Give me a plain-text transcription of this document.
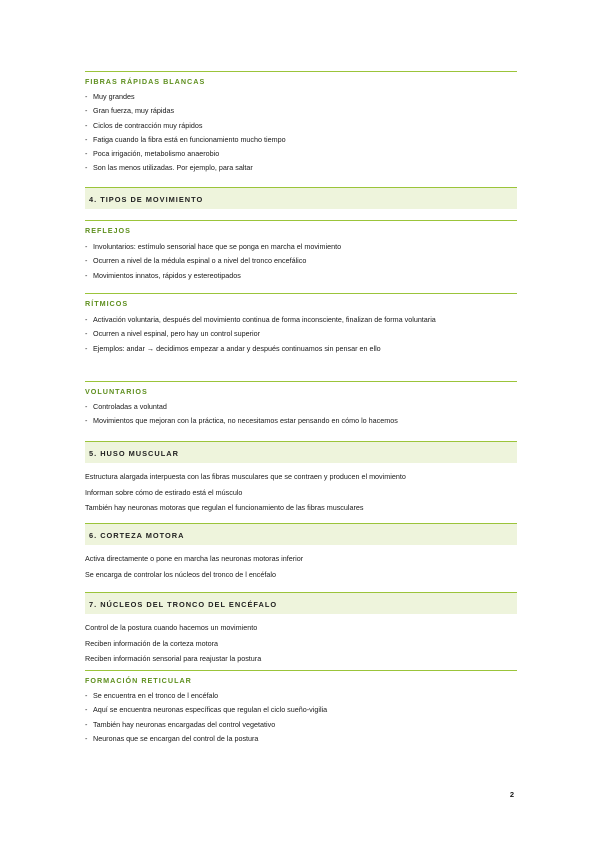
FIBRAS RÁPIDAS BLANCAS
- Muy grandes
- Gran fuerza, muy rápidas
- Ciclos de contracción muy rápidos
- Fatiga cuando la fibra está en funcionamiento mucho tiempo
- Poca irrigación, metabolismo anaerobio
- Son las menos utilizadas. Por ejemplo, para saltar
4. TIPOS DE MOVIMIENTO
REFLEJOS
- Involuntarios: estímulo sensorial hace que se ponga en marcha el movimiento
- Ocurren a nivel de la médula espinal o a nivel del tronco encefálico
- Movimientos innatos, rápidos y estereotipados
RÍTMICOS
- Activación voluntaria, después del movimiento continua de forma inconsciente, finalizan de forma voluntaria
- Ocurren a nivel espinal, pero hay un control superior
- Ejemplos: andar → decidimos empezar a andar y después continuamos sin pensar en ello
VOLUNTARIOS
- Controladas a voluntad
- Movimientos que mejoran con la práctica, no necesitamos estar pensando en cómo lo hacemos
5. HUSO MUSCULAR

Estructura alargada interpuesta con las fibras musculares que se contraen y producen el movimiento

Informan sobre cómo de estirado está el músculo

También hay neuronas motoras que regulan el funcionamiento de las fibras musculares

6. CORTEZA MOTORA

Activa directamente o pone en marcha las neuronas motoras inferior

Se encarga de controlar los núcleos del tronco de l encéfalo

7. NÚCLEOS DEL TRONCO DEL ENCÉFALO

Control de la postura cuando hacemos un movimiento

Reciben información de la corteza motora

Reciben información sensorial para reajustar la postura

FORMACIÓN RETICULAR
- Se encuentra en el tronco de l encéfalo
- Aquí se encuentra neuronas específicas que regulan el ciclo sueño-vigilia
- También hay neuronas encargadas del control vegetativo
- Neuronas que se encargan del control de la postura
2
